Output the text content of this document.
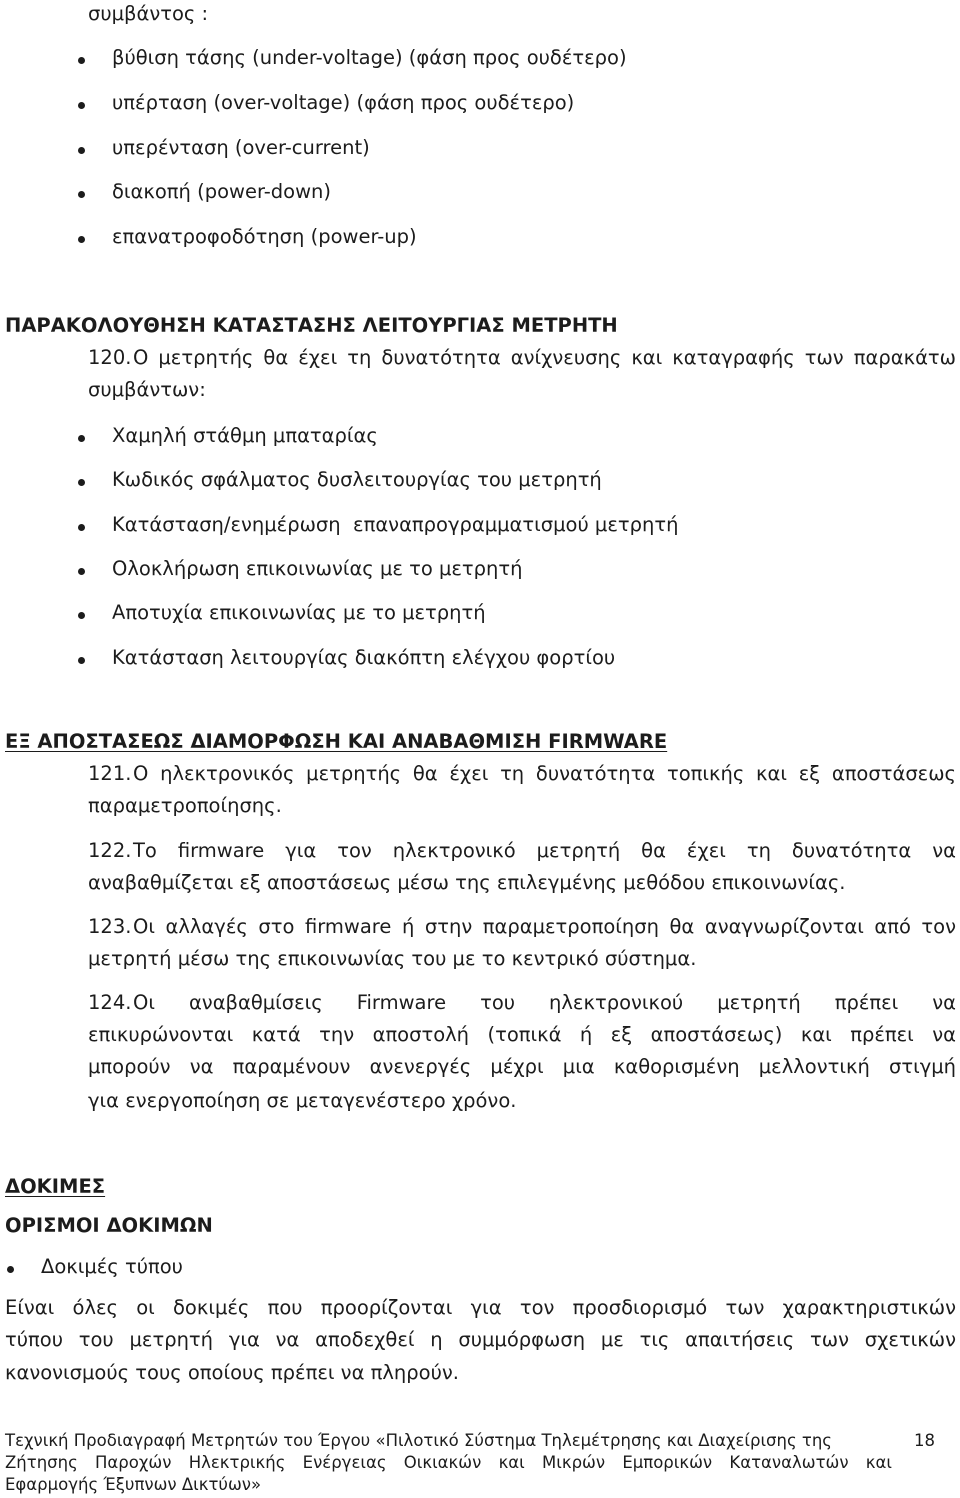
συμβάντος :
βύθιση τάσης (under-voltage) (φάση προς ουδέτερο)
υπέρταση (over-voltage) (φάση προς ουδέτερο)
υπερένταση (over-current)
διακοπή (power-down)
επανατροφοδότηση (power-up)
ΠΑΡΑΚΟΛΟΥΘΗΣΗ ΚΑΤΑΣΤΑΣΗΣ ΛΕΙΤΟΥΡΓΙΑΣ ΜΕΤΡΗΤΗ
120. Ο μετρητής θα έχει τη δυνατότητα ανίχνευσης και καταγραφής των παρακάτω
συμβάντων:
Χαμηλή στάθμη μπαταρίας
Κωδικός σφάλματος δυσλειτουργίας του μετρητή
Κατάσταση/ενημέρωση  επαναπρογραμματισμού μετρητή
Ολοκλήρωση επικοινωνίας με το μετρητή
Αποτυχία επικοινωνίας με το μετρητή
Κατάσταση λειτουργίας διακόπτη ελέγχου φορτίου
ΕΞ ΑΠΟΣΤΑΣΕΩΣ ΔΙΑΜΟΡΦΩΣΗ ΚΑΙ ΑΝΑΒΑΘΜΙΣΗ FIRMWARE
121. Ο ηλεκτρονικός μετρητής θα έχει τη δυνατότητα τοπικής και εξ αποστάσεως
παραμετροποίησης.
122. Το firmware για τον ηλεκτρονικό μετρητή θα έχει τη δυνατότητα να
αναβαθμίζεται εξ αποστάσεως μέσω της επιλεγμένης μεθόδου επικοινωνίας.
123. Οι αλλαγές στο firmware ή στην παραμετροποίηση θα αναγνωρίζονται από τον
μετρητή μέσω της επικοινωνίας του με το κεντρικό σύστημα.
124. Οι αναβαθμίσεις Firmware του ηλεκτρονικού μετρητή πρέπει να
επικυρώνονται κατά την αποστολή (τοπικά ή εξ αποστάσεως) και πρέπει να
μπορούν να παραμένουν ανενεργές μέχρι μια καθορισμένη μελλοντική στιγμή
για ενεργοποίηση σε μεταγενέστερο χρόνο.
ΔΟΚΙΜΕΣ
ΟΡΙΣΜΟΙ ΔΟΚΙΜΩΝ
Δοκιμές τύπου
Είναι όλες οι δοκιμές που προορίζονται για τον προσδιορισμό των χαρακτηριστικών
τύπου του μετρητή για να αποδεχθεί η συμμόρφωση με τις απαιτήσεις των σχετικών
κανονισμούς τους οποίους πρέπει να πληρούν.
Τεχνική Προδιαγραφή Μετρητών του Έργου «Πιλοτικό Σύστημα Τηλεμέτρησης και Διαχείρισης της
Ζήτησης Παροχών Ηλεκτρικής Ενέργειας Οικιακών και Μικρών Εμπορικών Καταναλωτών και
Εφαρμογής Έξυπνων Δικτύων»
18
